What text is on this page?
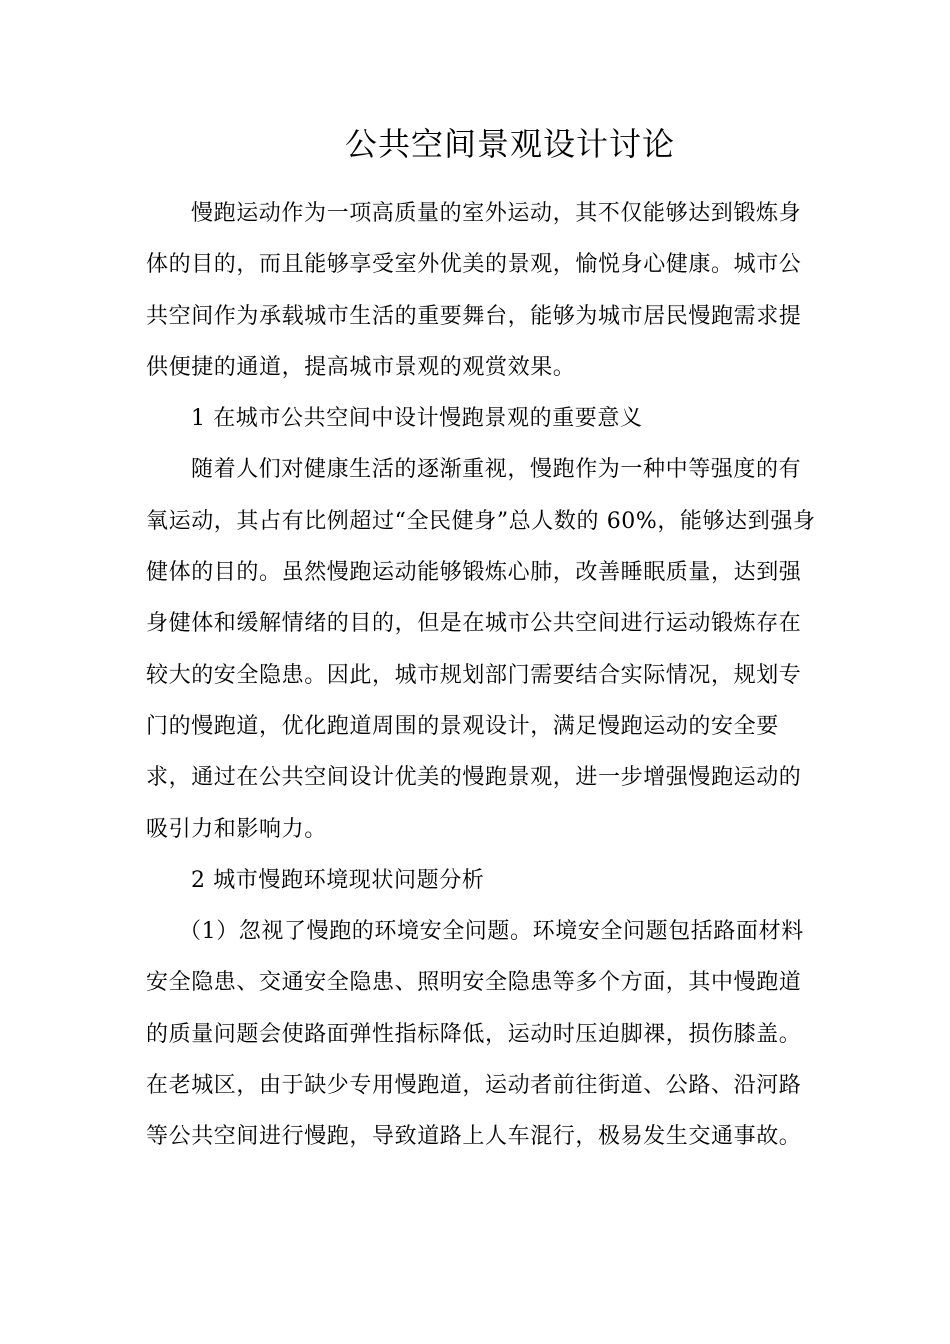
公共空间景观设计讨论
慢跑运动作为一项高质量的室外运动，其不仅能够达到锻炼身
体的目的，而且能够享受室外优美的景观，愉悦身心健康。城市公
共空间作为承载城市生活的重要舞台，能够为城市居民慢跑需求提
供便捷的通道，提高城市景观的观赏效果。
1 在城市公共空间中设计慢跑景观的重要意义
随着人们对健康生活的逐渐重视，慢跑作为一种中等强度的有
氧运动，其占有比例超过“全民健身”总人数的 60%，能够达到强身
健体的目的。虽然慢跑运动能够锻炼心肺，改善睡眠质量，达到强
身健体和缓解情绪的目的，但是在城市公共空间进行运动锻炼存在
较大的安全隐患。因此，城市规划部门需要结合实际情况，规划专
门的慢跑道，优化跑道周围的景观设计，满足慢跑运动的安全要
求，通过在公共空间设计优美的慢跑景观，进一步增强慢跑运动的
吸引力和影响力。
2 城市慢跑环境现状问题分析
（1）忽视了慢跑的环境安全问题。环境安全问题包括路面材料
安全隐患、交通安全隐患、照明安全隐患等多个方面，其中慢跑道
的质量问题会使路面弹性指标降低，运动时压迫脚祼，损伤膝盖。
在老城区，由于缺少专用慢跑道，运动者前往街道、公路、沿河路
等公共空间进行慢跑，导致道路上人车混行，极易发生交通事故。
